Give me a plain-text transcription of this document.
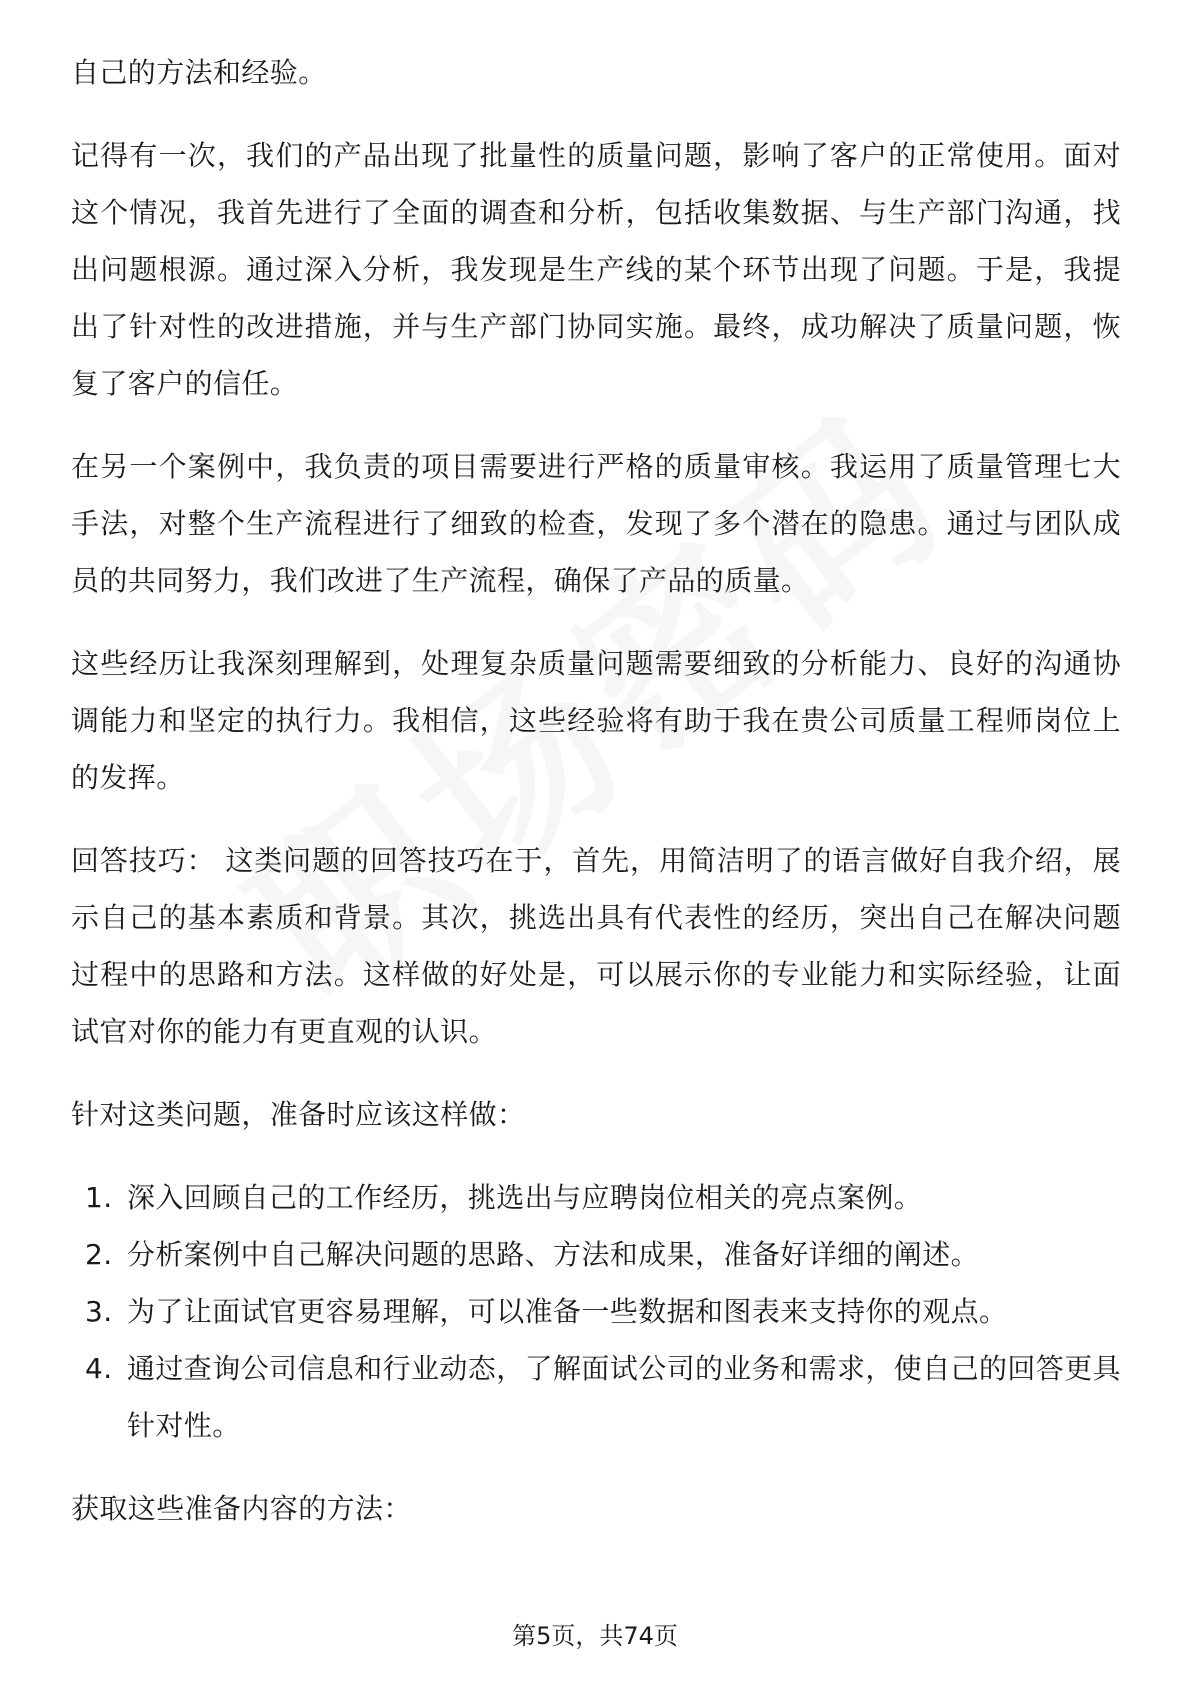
自己的方法和经验。

记得有一次，我们的产品出现了批量性的质量问题，影响了客户的正常使用。面对这个情况，我首先进行了全面的调查和分析，包括收集数据、与生产部门沟通，找出问题根源。通过深入分析，我发现是生产线的某个环节出现了问题。于是，我提出了针对性的改进措施，并与生产部门协同实施。最终，成功解决了质量问题，恢复了客户的信任。

在另一个案例中，我负责的项目需要进行严格的质量审核。我运用了质量管理七大手法，对整个生产流程进行了细致的检查，发现了多个潜在的隐患。通过与团队成员的共同努力，我们改进了生产流程，确保了产品的质量。

这些经历让我深刻理解到，处理复杂质量问题需要细致的分析能力、良好的沟通协调能力和坚定的执行力。我相信，这些经验将有助于我在贵公司质量工程师岗位上的发挥。

回答技巧： 这类问题的回答技巧在于，首先，用简洁明了的语言做好自我介绍，展示自己的基本素质和背景。其次，挑选出具有代表性的经历，突出自己在解决问题过程中的思路和方法。这样做的好处是，可以展示你的专业能力和实际经验，让面试官对你的能力有更直观的认识。

针对这类问题，准备时应该这样做：

1. 深入回顾自己的工作经历，挑选出与应聘岗位相关的亮点案例。
2. 分析案例中自己解决问题的思路、方法和成果，准备好详细的阐述。
3. 为了让面试官更容易理解，可以准备一些数据和图表来支持你的观点。
4. 通过查询公司信息和行业动态，了解面试公司的业务和需求，使自己的回答更具针对性。

获取这些准备内容的方法：

第5页，共74页
